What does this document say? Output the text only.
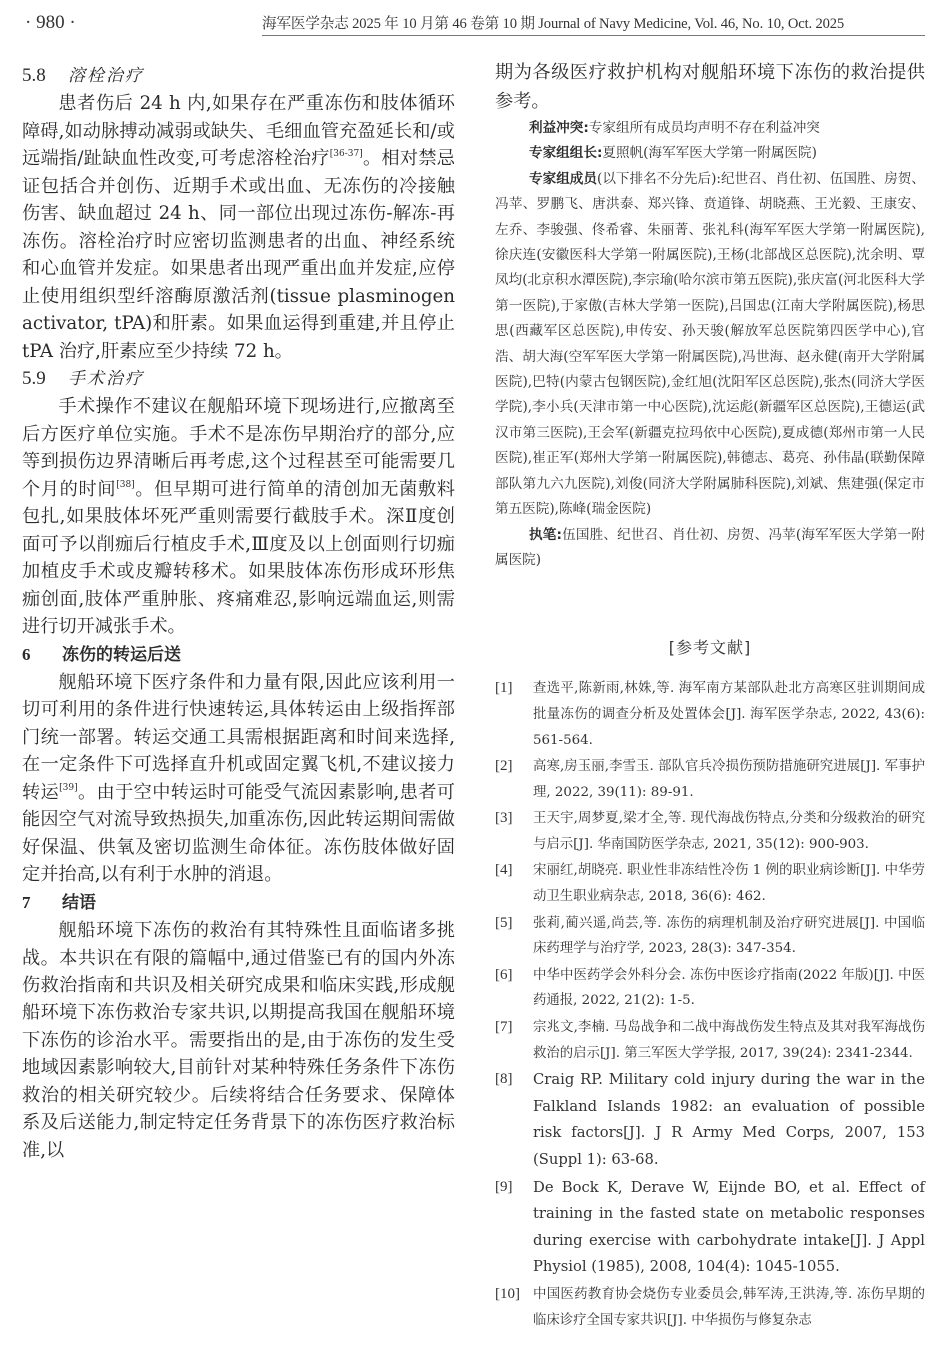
· 980 ·	海军医学杂志 2025 年 10 月第 46 卷第 10 期 Journal of Navy Medicine, Vol. 46, No. 10, Oct. 2025
5.8 溶栓治疗

患者伤后 24 h 内,如果存在严重冻伤和肢体循环障碍,如动脉搏动减弱或缺失、毛细血管充盈延长和/或远端指/趾缺血性改变,可考虑溶栓治疗[36-37]。相对禁忌证包括合并创伤、近期手术或出血、无冻伤的冷接触伤害、缺血超过 24 h、同一部位出现过冻伤-解冻-再冻伤。溶栓治疗时应密切监测患者的出血、神经系统和心血管并发症。如果患者出现严重出血并发症,应停止使用组织型纤溶酶原激活剂(tissue plasminogen activator, tPA)和肝素。如果血运得到重建,并且停止 tPA 治疗,肝素应至少持续 72 h。

5.9 手术治疗

手术操作不建议在舰船环境下现场进行,应撤离至后方医疗单位实施。手术不是冻伤早期治疗的部分,应等到损伤边界清晰后再考虑,这个过程甚至可能需要几个月的时间[38]。但早期可进行简单的清创加无菌敷料包扎,如果肢体坏死严重则需要行截肢手术。深Ⅱ度创面可予以削痂后行植皮手术,Ⅲ度及以上创面则行切痂加植皮手术或皮瓣转移术。如果肢体冻伤形成环形焦痂创面,肢体严重肿胀、疼痛难忍,影响远端血运,则需进行切开减张手术。

6 冻伤的转运后送

舰船环境下医疗条件和力量有限,因此应该利用一切可利用的条件进行快速转运,具体转运由上级指挥部门统一部署。转运交通工具需根据距离和时间来选择,在一定条件下可选择直升机或固定翼飞机,不建议接力转运[39]。由于空中转运时可能受气流因素影响,患者可能因空气对流导致热损失,加重冻伤,因此转运期间需做好保温、供氧及密切监测生命体征。冻伤肢体做好固定并抬高,以有利于水肿的消退。

7 结语

舰船环境下冻伤的救治有其特殊性且面临诸多挑战。本共识在有限的篇幅中,通过借鉴已有的国内外冻伤救治指南和共识及相关研究成果和临床实践,形成舰船环境下冻伤救治专家共识,以期提高我国在舰船环境下冻伤的诊治水平。需要指出的是,由于冻伤的发生受地域因素影响较大,目前针对某种特殊任务条件下冻伤救治的相关研究较少。后续将结合任务要求、保障体系及后送能力,制定特定任务背景下的冻伤医疗救治标准,以

期为各级医疗救护机构对舰船环境下冻伤的救治提供参考。

利益冲突:专家组所有成员均声明不存在利益冲突

专家组组长:夏照帆(海军军医大学第一附属医院)

专家组成员(以下排名不分先后):纪世召、肖仕初、伍国胜、房贺、冯苹、罗鹏飞、唐洪泰、郑兴锋、贲道锋、胡晓燕、王光毅、王康安、左乔、李骏强、佟希睿、朱丽菁、张礼科(海军军医大学第一附属医院),徐庆连(安徽医科大学第一附属医院),王杨(北部战区总医院),沈余明、覃凤均(北京积水潭医院),李宗瑜(哈尔滨市第五医院),张庆富(河北医科大学第一医院),于家傲(吉林大学第一医院),吕国忠(江南大学附属医院),杨思思(西藏军区总医院),申传安、孙天骏(解放军总医院第四医学中心),官浩、胡大海(空军军医大学第一附属医院),冯世海、赵永健(南开大学附属医院),巴特(内蒙古包钢医院),金红旭(沈阳军区总医院),张杰(同济大学医学院),李小兵(天津市第一中心医院),沈运彪(新疆军区总医院),王德运(武汉市第三医院),王会军(新疆克拉玛依中心医院),夏成德(郑州市第一人民医院),崔正军(郑州大学第一附属医院),韩德志、葛亮、孙伟晶(联勤保障部队第九六九医院),刘俊(同济大学附属肺科医院),刘斌、焦建强(保定市第五医院),陈峰(瑞金医院)

执笔:伍国胜、纪世召、肖仕初、房贺、冯苹(海军军医大学第一附属医院)

[参考文献]
[1] 查选平,陈新雨,林姝,等. 海军南方某部队赴北方高寒区驻训期间成批量冻伤的调查分析及处置体会[J]. 海军医学杂志, 2022, 43(6): 561-564.
[2] 高寒,房玉丽,李雪玉. 部队官兵冷损伤预防措施研究进展[J]. 军事护理, 2022, 39(11): 89-91.
[3] 王天宇,周梦夏,梁才全,等. 现代海战伤特点,分类和分级救治的研究与启示[J]. 华南国防医学杂志, 2021, 35(12): 900-903.
[4] 宋丽红,胡晓亮. 职业性非冻结性冷伤 1 例的职业病诊断[J]. 中华劳动卫生职业病杂志, 2018, 36(6): 462.
[5] 张莉,蔺兴遥,尚芸,等. 冻伤的病理机制及治疗研究进展[J]. 中国临床药理学与治疗学, 2023, 28(3): 347-354.
[6] 中华中医药学会外科分会. 冻伤中医诊疗指南(2022 年版)[J]. 中医药通报, 2022, 21(2): 1-5.
[7] 宗兆文,李楠. 马岛战争和二战中海战伤发生特点及其对我军海战伤救治的启示[J]. 第三军医大学学报, 2017, 39(24): 2341-2344.
[8] Craig RP. Military cold injury during the war in the Falkland Islands 1982: an evaluation of possible risk factors[J]. J R Army Med Corps, 2007, 153 (Suppl 1): 63-68.
[9] De Bock K, Derave W, Eijnde BO, et al. Effect of training in the fasted state on metabolic responses during exercise with carbohydrate intake[J]. J Appl Physiol (1985), 2008, 104(4): 1045-1055.
[10] 中国医药教育协会烧伤专业委员会,韩军涛,王洪涛,等. 冻伤早期的临床诊疗全国专家共识[J]. 中华损伤与修复杂志
